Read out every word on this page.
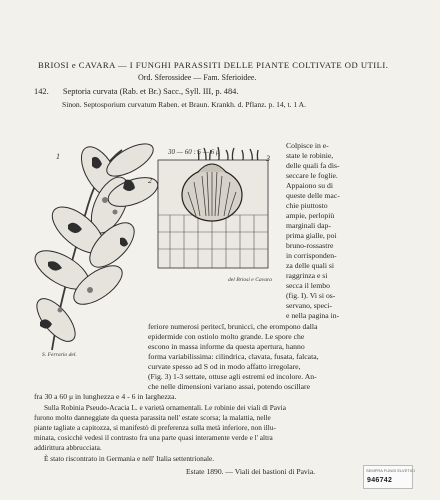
BRIOSI e CAVARA — I FUNGHI PARASSITI DELLE PIANTE COLTIVATE OD UTILI.
Ord. Sferossidee — Fam. Sferioidee.
142. Septoria curvata (Rab. et Br.) Sacc., Syll. III, p. 484.
Sinon. Septosporium curvatum Raben. et Braun. Krankh. d. Pflanz. p. 14, t. 1 A.
1
2
3
30 — 60 : 5 — 6 μ
S. Ferrario del.
del Briosi e Cavara
Colpisce in e-
state le robinie,
delle quali fa dis-
seccare le foglie.
Appaiono su di
queste delle mac-
chie piuttosto
ampie, perlopiù
marginali dap-
prima gialle, poi
bruno-rossastre
in corrisponden-
za delle quali si
raggrinza e si
secca il lembo
(fig. I). Vi si os-
servano, speci-
e nella pagina in-
feriore numerosi peritecî, brunicci, che erompono dalla
epidermide con ostiolo molto grande. Le spore che
escono in massa informe da questa apertura, hanno
forma variabilissima: cilindrica, clavata, fusata, falcata,
curvate spesso ad S od in modo affatto irregolare,
(Fig. 3) 1-3 settate, ottuse agli estremi ed incolore. An-
che nelle dimensioni variano assai, potendo oscillare
fra 30 a 60 μ in lunghezza e 4 - 6 in larghezza.
Sulla Robinia Pseudo-Acacia L. e varietà ornamentali. Le robinie dei viali di Pavia
furono molto danneggiate da questa parassita nell' estate scorsa; la malattia, nelle
piante tagliate a capitozza, si manifestò di preferenza sulla metà inferiore, non illu-
minata, cosicchè vedesi il contrasto fra una parte quasi interamente verde e l' altra
addirittura abbrucciata.
È stato riscontrato in Germania e nell' Italia settentrionale.
Estate 1890. — Viali dei bastioni di Pavia.	SEMPRA FUNGI ELVETICI
946742
